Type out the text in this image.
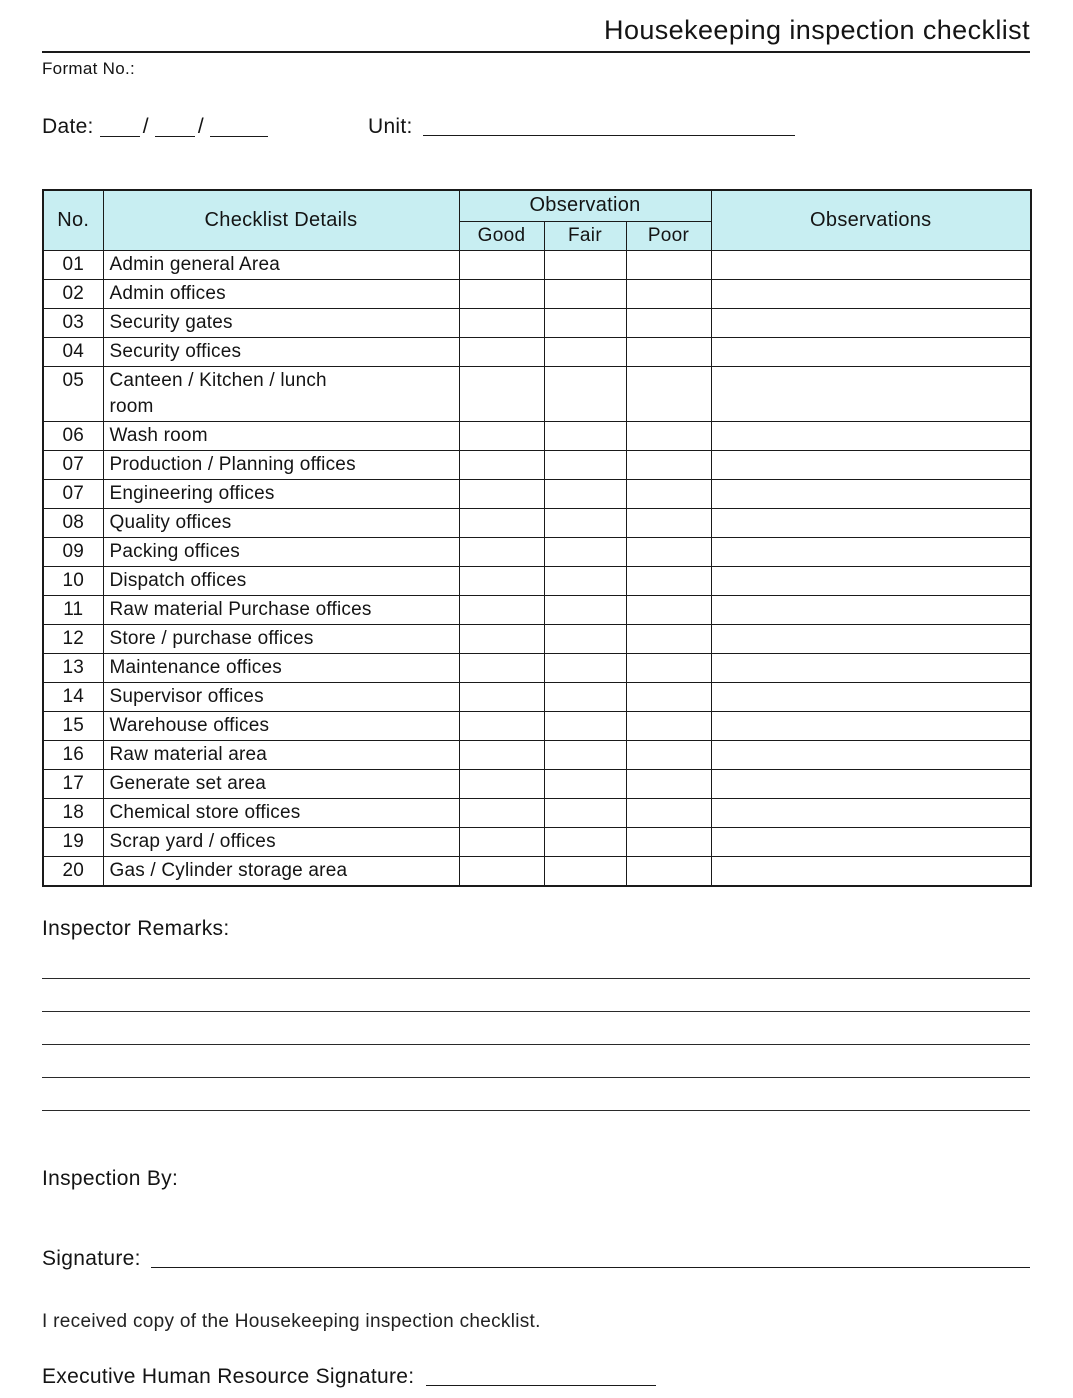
Housekeeping inspection checklist
Format No.:
Date: / /	Unit:
No.	Checklist Details	Observation			Observations
		Good	Fair	Poor	
01	Admin general Area				
02	Admin offices				
03	Security gates				
04	Security offices				
05	Canteen / Kitchen / lunch room				
06	Wash room				
07	Production / Planning offices				
07	Engineering offices				
08	Quality offices				
09	Packing offices				
10	Dispatch offices				
11	Raw material Purchase offices				
12	Store / purchase offices				
13	Maintenance offices				
14	Supervisor offices				
15	Warehouse offices				
16	Raw material area				
17	Generate set area				
18	Chemical store offices				
19	Scrap yard / offices				
20	Gas / Cylinder storage area				
Inspector Remarks:
Inspection By:
Signature:
I received copy of the Housekeeping inspection checklist.
Executive Human Resource Signature:
